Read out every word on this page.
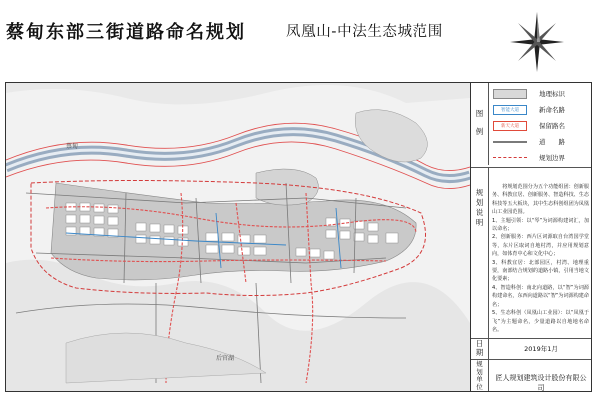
蔡甸东部三街道路命名规划	凤凰山-中法生态城范围
蔡甸
后官湖
图
例
地理标识
智能大道	新命名路
新天大道	保留路名
道　　路
规划边界
规
划
说
明

　　将规划范围分为五个功能组团：创新服务、科教宜居、创新服务、智造科技、生态科技等五大板块，其中生态科创组团为凤凰山工业园范围。

1、主题引领：以“琴”为词源构建词汇，加以命名；

2、创新服务：西片区词源取自台湾国学堂等，东片区取词自地村湾，并应用规划意向，如体育中心和文化中心；

3、科教宜居：北部园区，村湾、地理重要，南部结合规划的道路小镇，引用当地文化要素；

4、智造科创：南北向道路，以“智”为词源构建命名，东西向道路以“智”为词源构建命名；

5、生态科创（凤凰山工业园）：以“凤凰于飞”为主题命名，少量道路以自地地名命名。

日
期	2019年1月
规
划
单
位
匠人规划建筑设计股份有限公司
